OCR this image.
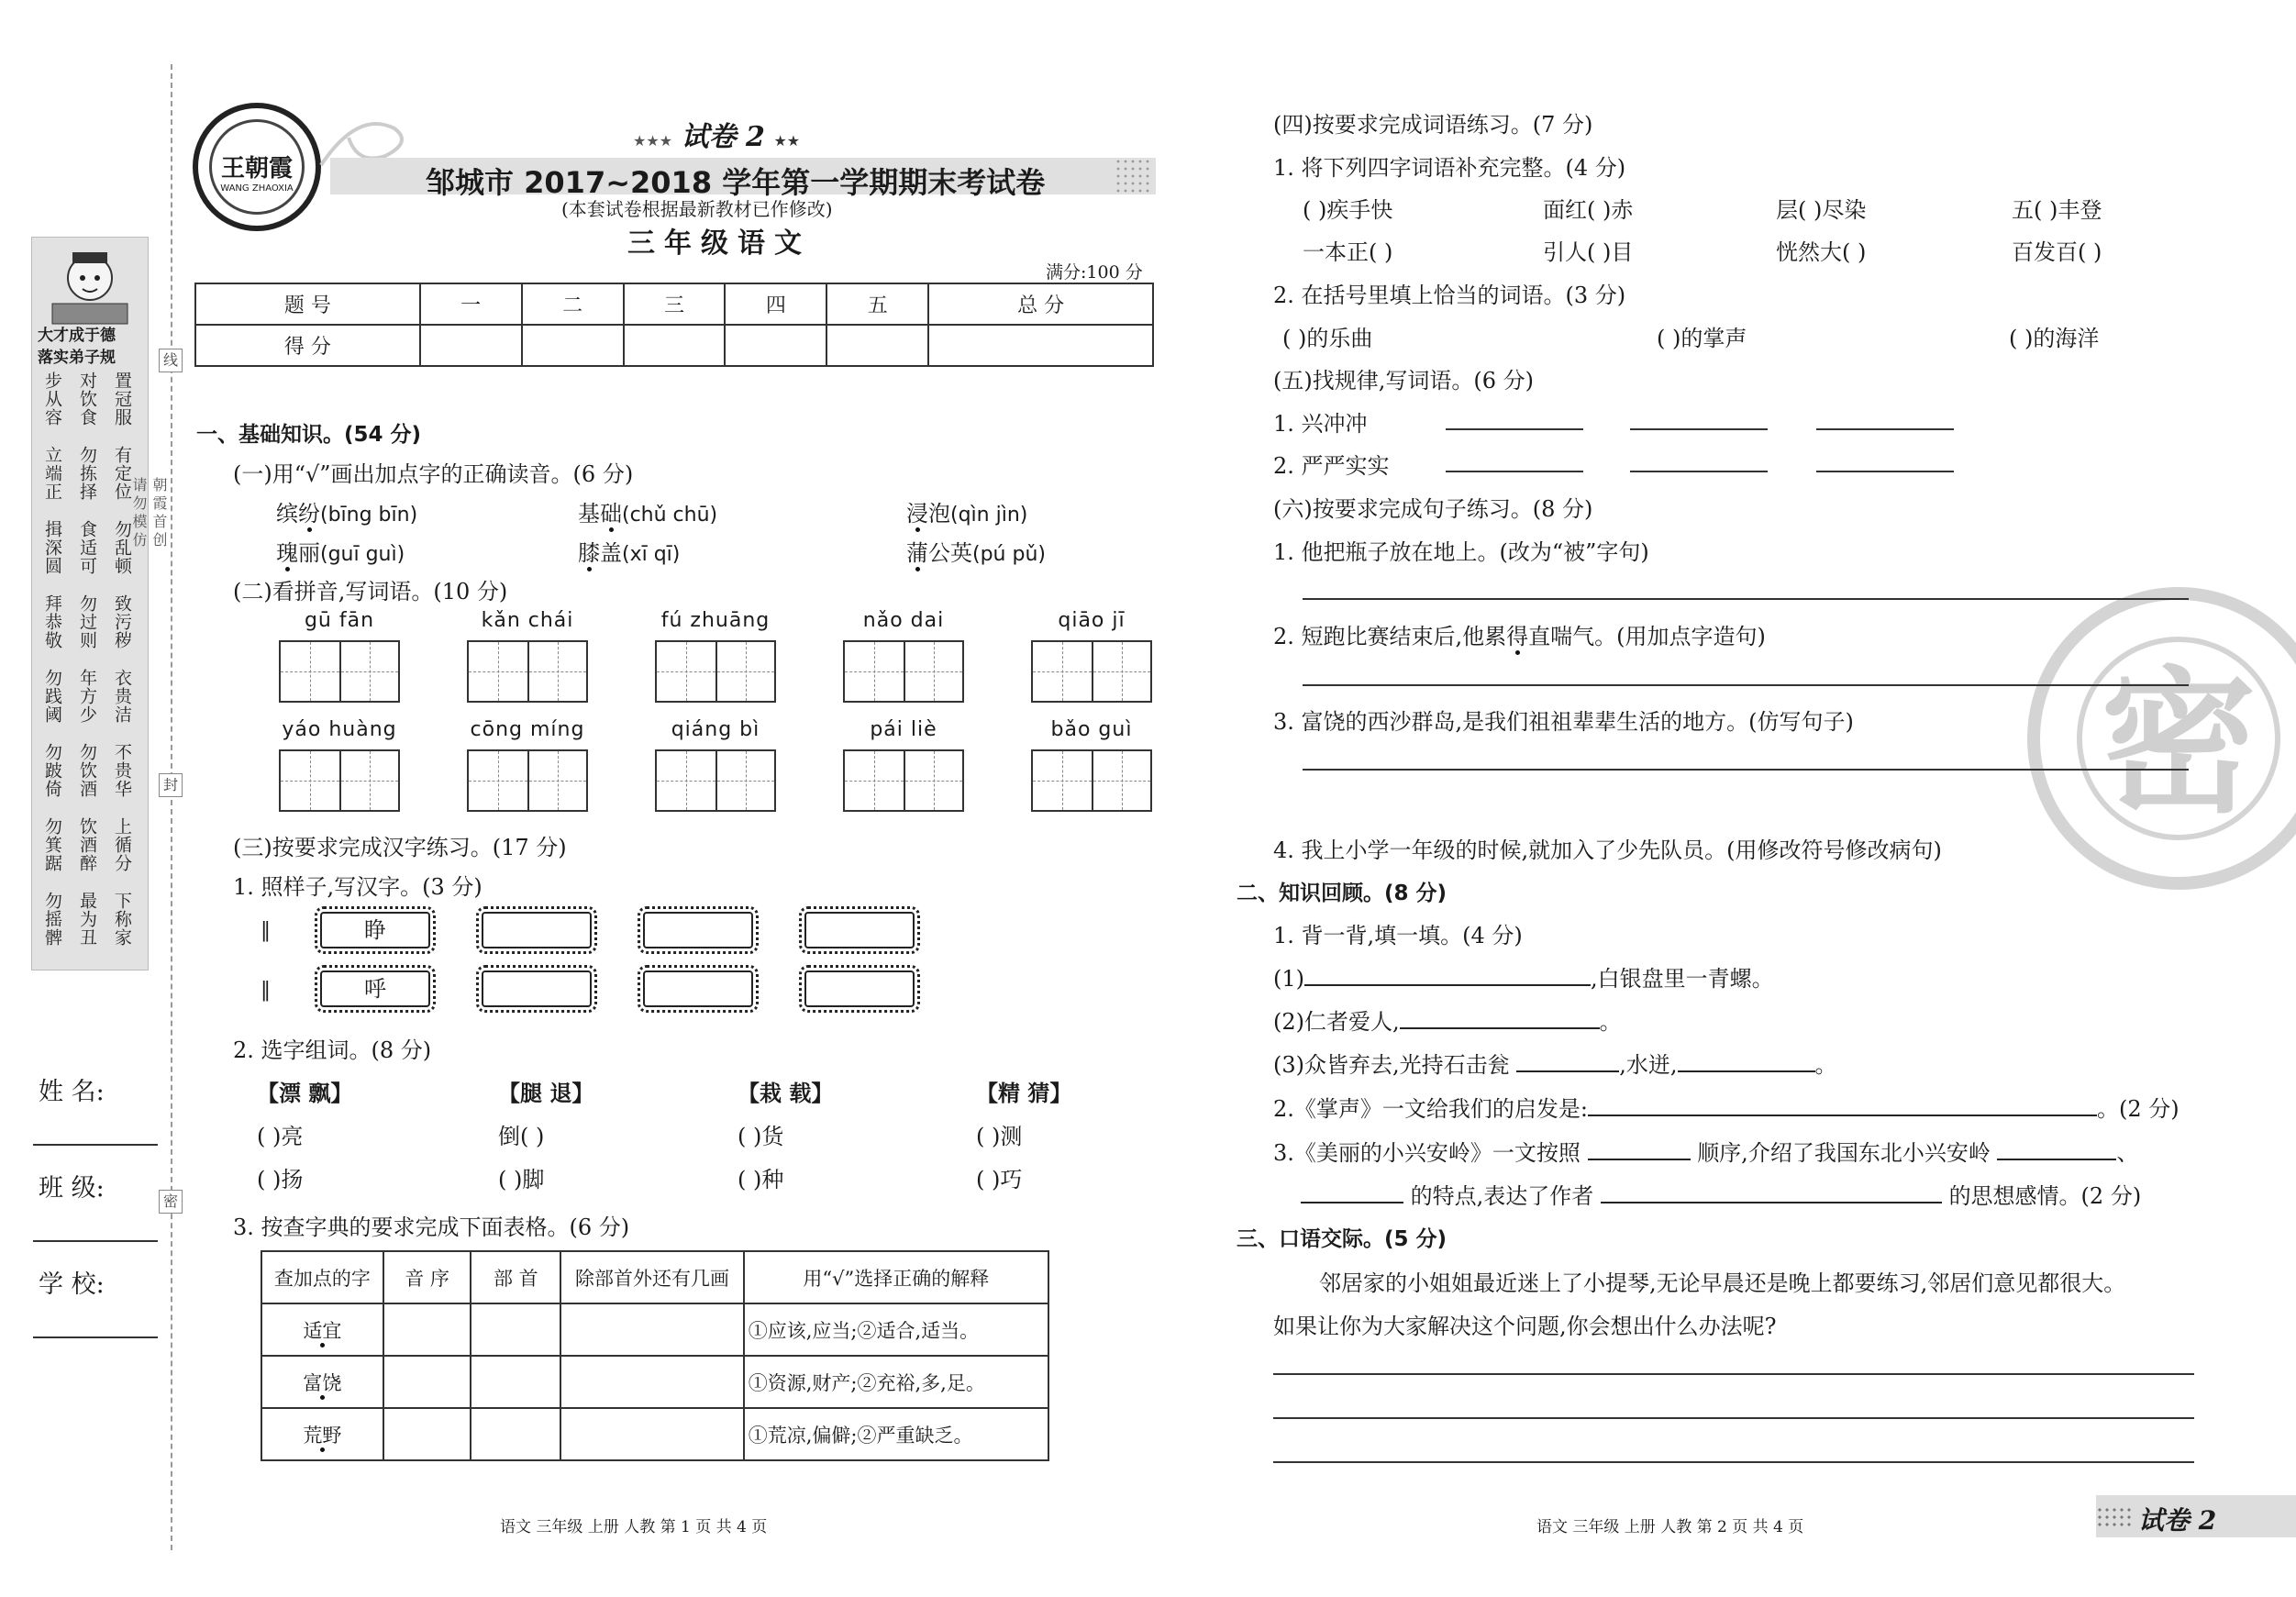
大才成于德
落实弟子规
步从容 对饮食 置冠服
立端正 勿拣择 有定位
揖深圆 食适可 勿乱顿
拜恭敬 勿过则 致污秽
勿践阈 年方少 衣贵洁
勿跛倚 勿饮酒 不贵华
勿箕踞 饮酒醉 上循分
勿摇髀 最为丑 下称家
线
朝霞首创
请勿模仿
封
密
姓 名:
班 级:
学 校:
王朝霞
WANG ZHAOXIA
★★★ 试卷 2 ★★
邹城市 2017~2018 学年第一学期期末考试卷
(本套试卷根据最新教材已作修改)
三年级语文
满分:100 分
题 号	一	二	三	四	五	总 分
得 分						
一、基础知识。(54 分)
(一)用“√”画出加点字的正确读音。(6 分)
缤纷(bīng bīn)	基础(chǔ chū)	浸泡(qìn jìn)
瑰丽(guī guì)	膝盖(xī qī)	蒲公英(pú pǔ)
(二)看拼音,写词语。(10 分)
gū fān	kǎn chái	fú zhuāng	nǎo dai	qiāo jī
yáo huàng	cōng míng	qiáng bì	pái liè	bǎo guì
(三)按要求完成汉字练习。(17 分)
1. 照样子,写汉字。(3 分)
‖
‖
睁
呼
2. 选字组词。(8 分)
【漂 飘】	【腿 退】	【栽 载】	【精 猜】
( )亮	倒( )	( )货	( )测
( )扬	( )脚	( )种	( )巧
3. 按查字典的要求完成下面表格。(6 分)
查加点的字	音 序	部 首	除部首外还有几画	用“√”选择正确的解释
适宜				①应该,应当;②适合,适当。
富饶				①资源,财产;②充裕,多,足。
荒野				①荒凉,偏僻;②严重缺乏。
语文 三年级 上册 人教 第 1 页 共 4 页
密
(四)按要求完成词语练习。(7 分)
1. 将下列四字词语补充完整。(4 分)
( )疾手快	面红( )赤	层( )尽染	五( )丰登
一本正( )	引人( )目	恍然大( )	百发百( )
( )的乐曲	( )的掌声	( )的海洋
2. 在括号里填上恰当的词语。(3 分)
(五)找规律,写词语。(6 分)
1. 兴冲冲
2. 严严实实
(六)按要求完成句子练习。(8 分)
1. 他把瓶子放在地上。(改为“被”字句)
2. 短跑比赛结束后,他累得直喘气。(用加点字造句)
3. 富饶的西沙群岛,是我们祖祖辈辈生活的地方。(仿写句子)
4. 我上小学一年级的时候,就加入了少先队员。(用修改符号修改病句)
二、知识回顾。(8 分)
1. 背一背,填一填。(4 分)
(1)	,白银盘里一青螺。
(2)仁者爱人,	。
(3)众皆弃去,光持石击瓮	,水迸,	。
2.《掌声》一文给我们的启发是:	。(2 分)
3.《美丽的小兴安岭》一文按照	顺序,介绍了我国东北小兴安岭	、
的特点,表达了作者	的思想感情。(2 分)
三、口语交际。(5 分)
邻居家的小姐姐最近迷上了小提琴,无论早晨还是晚上都要练习,邻居们意见都很大。
如果让你为大家解决这个问题,你会想出什么办法呢?
语文 三年级 上册 人教 第 2 页 共 4 页	试卷 2
